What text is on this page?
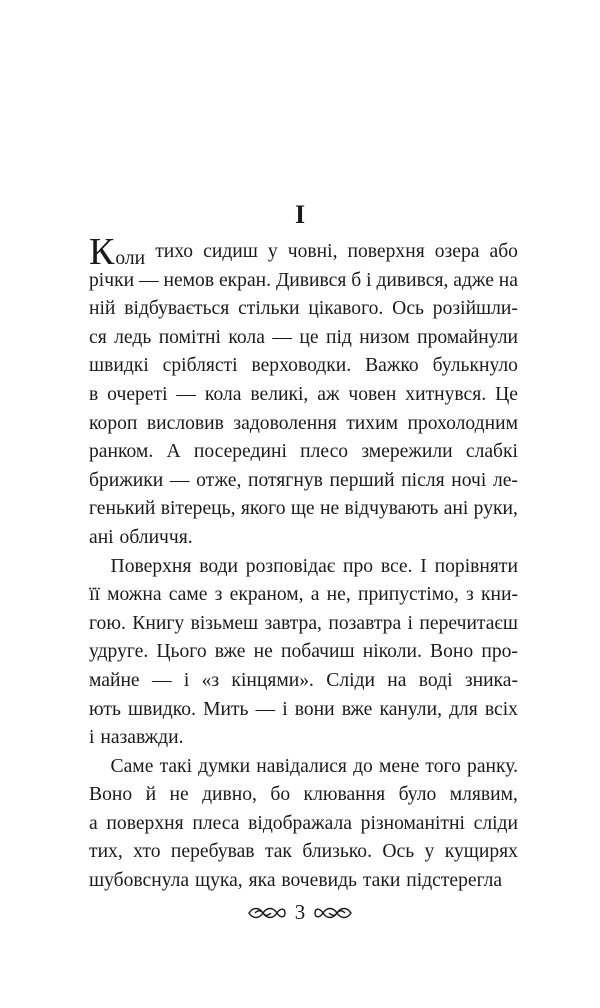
I
К оли тихо сидиш у човні, поверхня озера або
річки — немов екран. Дивився б і дивився, адже на
ній відбувається стільки цікавого. Ось розійшли-
ся ледь помітні кола — це під низом промайнули
швидкі сріблясті верховодки. Важко булькнуло
в очереті — кола великі, аж човен хитнувся. Це
короп висловив задоволення тихим прохолодним
ранком. А посередині плесо змережили слабкі
брижики — отже, потягнув перший після ночі ле-
генький вітерець, якого ще не відчувають ані руки,
ані обличчя.
Поверхня води розповідає про все. І порівняти
її можна саме з екраном, а не, припустімо, з кни-
гою. Книгу візьмеш завтра, позавтра і перечитаєш
удруге. Цього вже не побачиш ніколи. Воно про-
майне — і «з кінцями». Сліди на воді зника-
ють швидко. Мить — і вони вже канули, для всіх
і назавжди.
Саме такі думки навідалися до мене того ранку.
Воно й не дивно, бо клювання було млявим,
а поверхня плеса відображала різноманітні сліди
тих, хто перебував так близько. Ось у кущирях
шубовснула щука, яка вочевидь таки підстерегла
3
